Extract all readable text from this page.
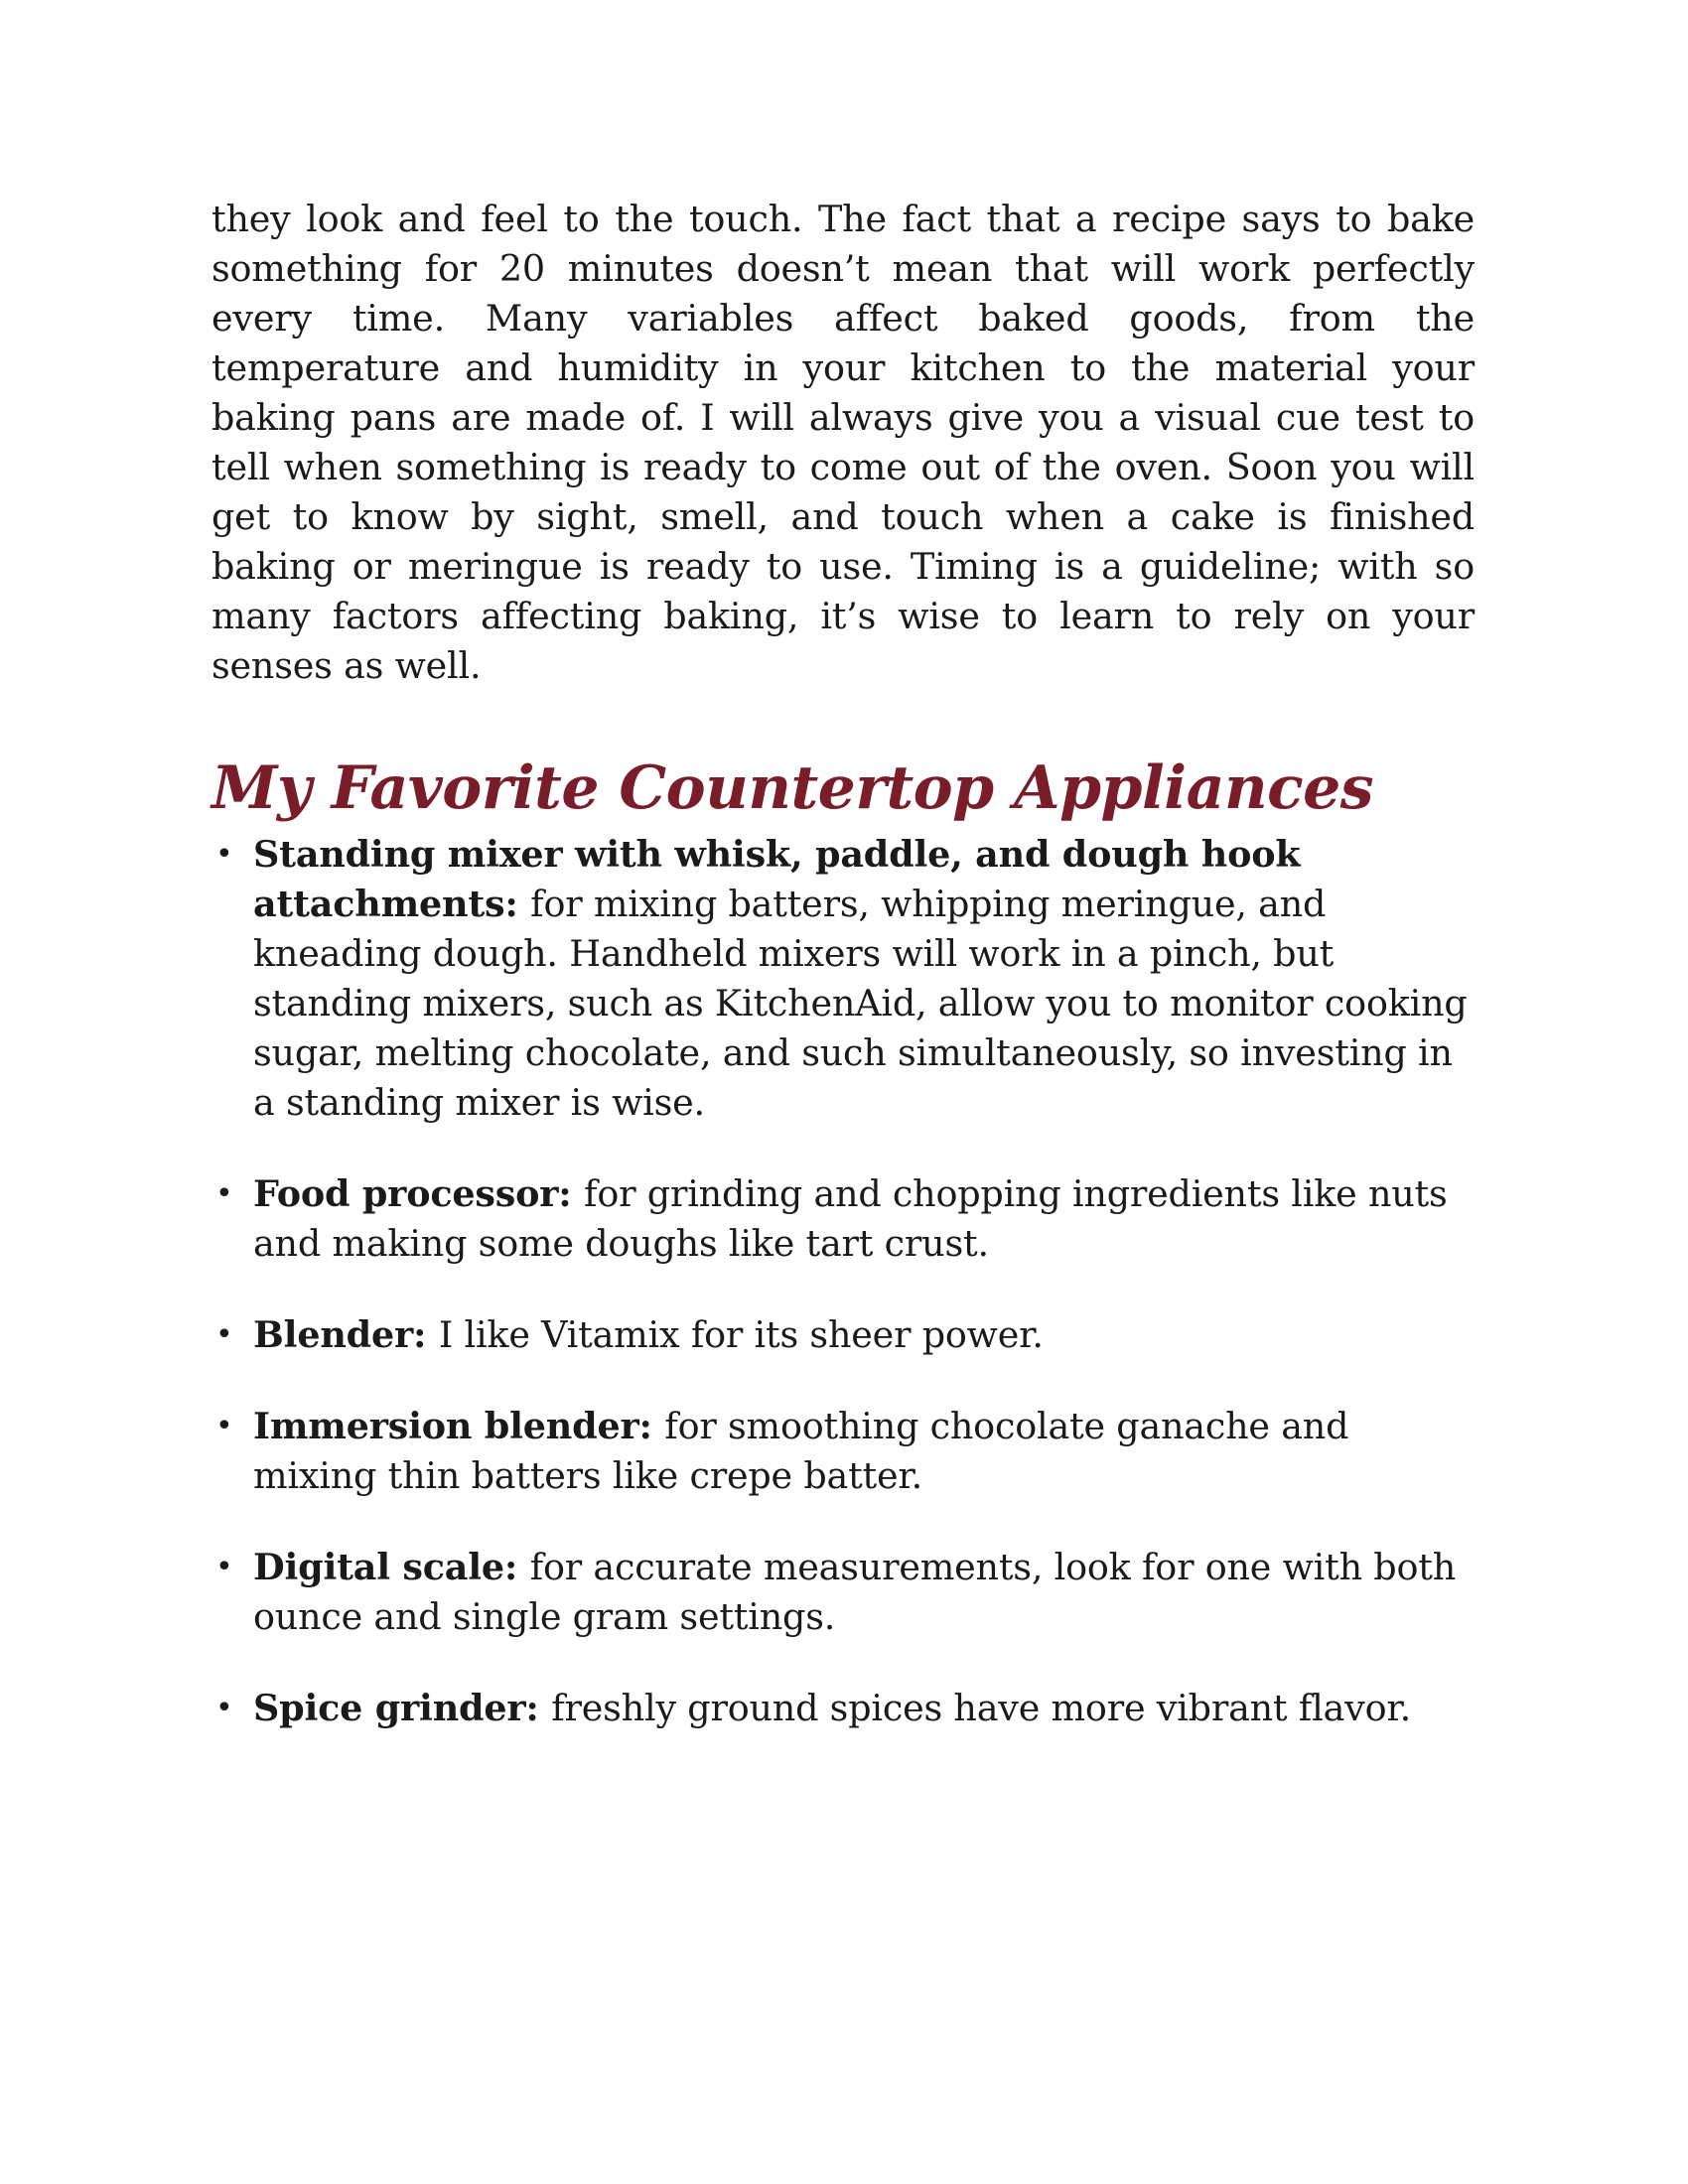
they look and feel to the touch. The fact that a recipe says to bake something for 20 minutes doesn’t mean that will work perfectly every time. Many variables affect baked goods, from the temperature and humidity in your kitchen to the material your baking pans are made of. I will always give you a visual cue test to tell when something is ready to come out of the oven. Soon you will get to know by sight, smell, and touch when a cake is finished baking or meringue is ready to use. Timing is a guideline; with so many factors affecting baking, it’s wise to learn to rely on your senses as well.

My Favorite Countertop Appliances
• Standing mixer with whisk, paddle, and dough hook attachments: for mixing batters, whipping meringue, and kneading dough. Handheld mixers will work in a pinch, but standing mixers, such as KitchenAid, allow you to monitor cooking sugar, melting chocolate, and such simultaneously, so investing in a standing mixer is wise.
• Food processor: for grinding and chopping ingredients like nuts and making some doughs like tart crust.
• Blender: I like Vitamix for its sheer power.
• Immersion blender: for smoothing chocolate ganache and mixing thin batters like crepe batter.
• Digital scale: for accurate measurements, look for one with both ounce and single gram settings.
• Spice grinder: freshly ground spices have more vibrant flavor.
